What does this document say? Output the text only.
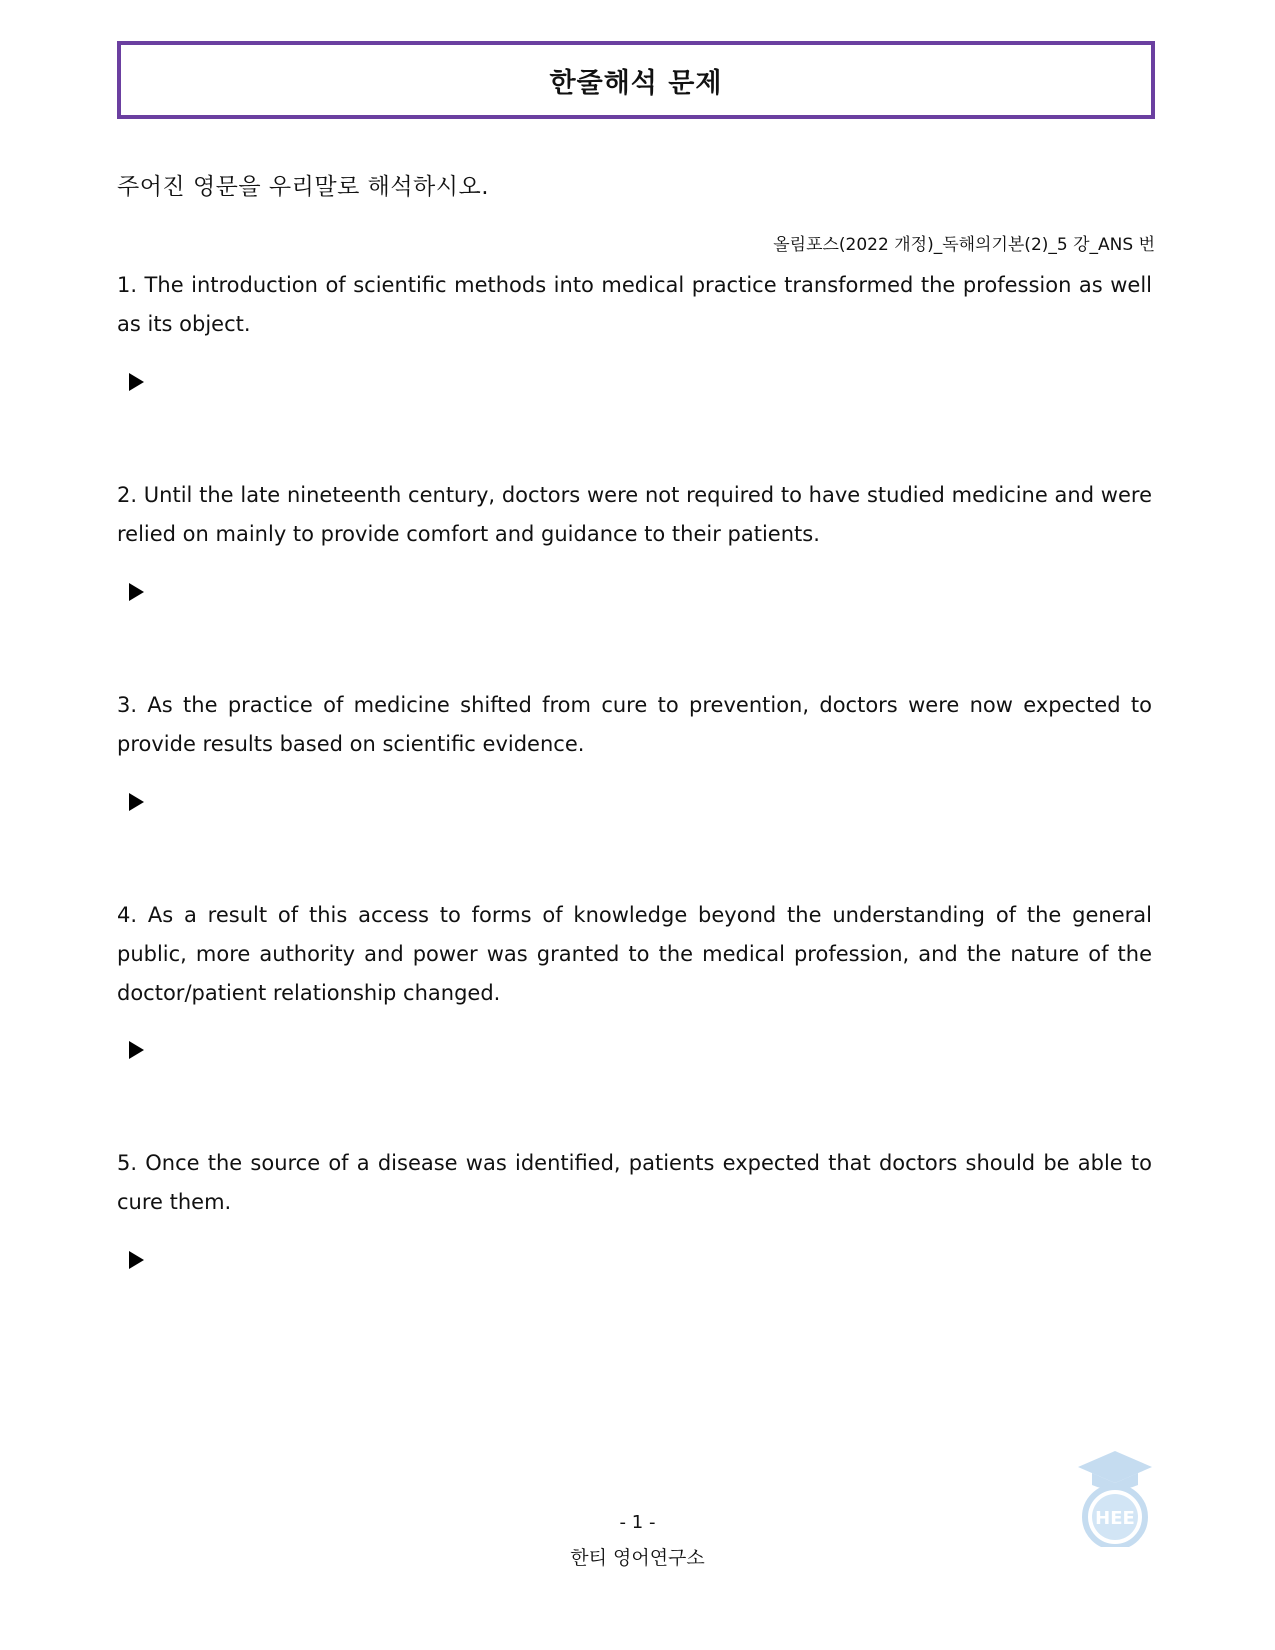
한줄해석 문제
주어진 영문을 우리말로 해석하시오.
올림포스(2022 개정)_독해의기본(2)_5 강_ANS 번

1. The introduction of scientific methods into medical practice transformed the profession as well as its object.

2. Until the late nineteenth century, doctors were not required to have studied medicine and were relied on mainly to provide comfort and guidance to their patients.

3. As the practice of medicine shifted from cure to prevention, doctors were now expected to provide results based on scientific evidence.

4. As a result of this access to forms of knowledge beyond the understanding of the general public, more authority and power was granted to the medical profession, and the nature of the doctor/patient relationship changed.

5. Once the source of a disease was identified, patients expected that doctors should be able to cure them.

- 1 -
한티 영어연구소
HEE
